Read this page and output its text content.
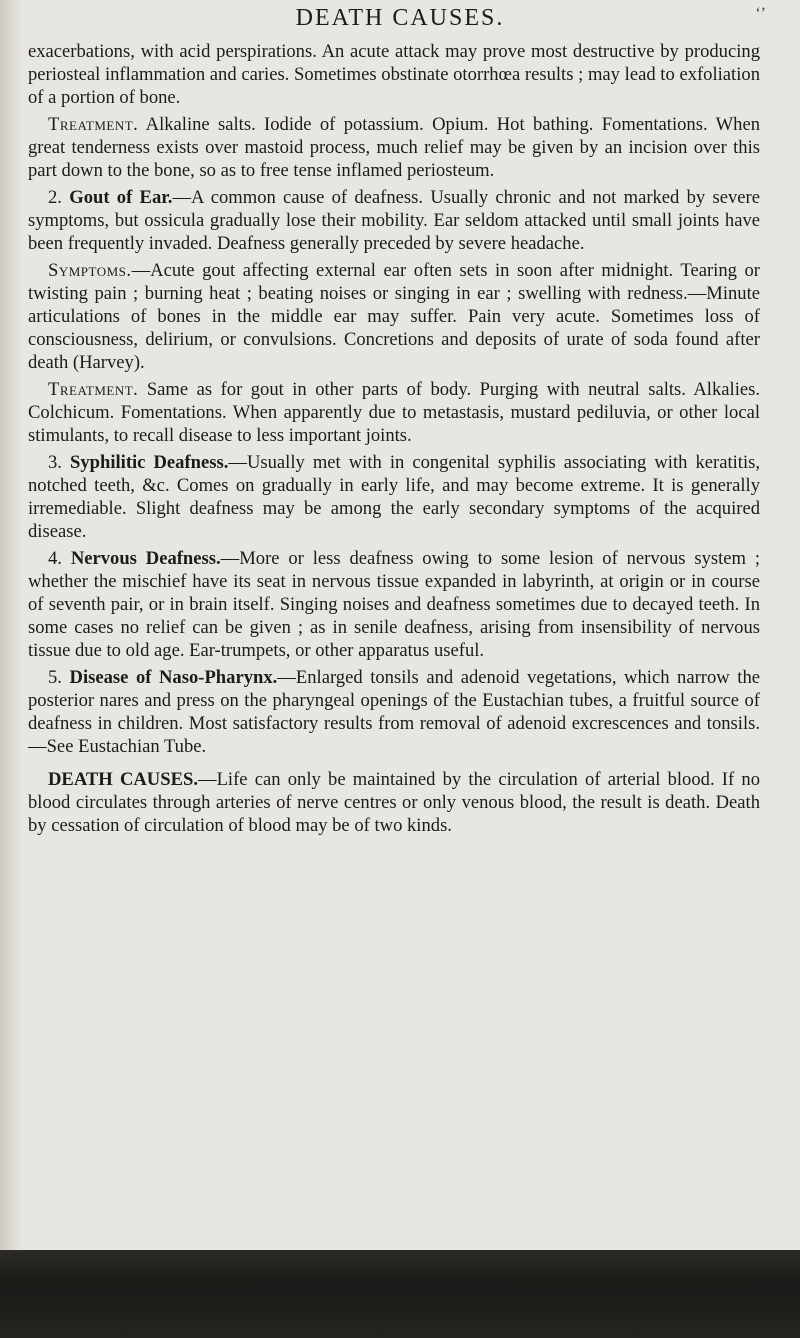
DEATH CAUSES.	‘’

exacerbations, with acid perspirations. An acute attack may prove most destructive by producing periosteal inflammation and caries. Sometimes obstinate otorrhœa results ; may lead to exfoliation of a portion of bone.

Treatment. Alkaline salts. Iodide of potassium. Opium. Hot bathing. Fomentations. When great tenderness exists over mastoid process, much relief may be given by an incision over this part down to the bone, so as to free tense inflamed periosteum.

2. Gout of Ear.—A common cause of deafness. Usually chronic and not marked by severe symptoms, but ossicula gradually lose their mobility. Ear seldom attacked until small joints have been frequently invaded. Deafness generally preceded by severe headache.

Symptoms.—Acute gout affecting external ear often sets in soon after midnight. Tearing or twisting pain ; burning heat ; beating noises or singing in ear ; swelling with redness.—Minute articulations of bones in the middle ear may suffer. Pain very acute. Sometimes loss of consciousness, delirium, or convulsions. Concretions and deposits of urate of soda found after death (Harvey).

Treatment. Same as for gout in other parts of body. Purging with neutral salts. Alkalies. Colchicum. Fomentations. When apparently due to metastasis, mustard pediluvia, or other local stimulants, to recall disease to less important joints.

3. Syphilitic Deafness.—Usually met with in congenital syphilis associating with keratitis, notched teeth, &c. Comes on gradually in early life, and may become extreme. It is generally irremediable. Slight deafness may be among the early secondary symptoms of the acquired disease.

4. Nervous Deafness.—More or less deafness owing to some lesion of nervous system ; whether the mischief have its seat in nervous tissue expanded in labyrinth, at origin or in course of seventh pair, or in brain itself. Singing noises and deafness sometimes due to decayed teeth. In some cases no relief can be given ; as in senile deafness, arising from insensibility of nervous tissue due to old age. Ear-trumpets, or other apparatus useful.

5. Disease of Naso-Pharynx.—Enlarged tonsils and adenoid vegetations, which narrow the posterior nares and press on the pharyngeal openings of the Eustachian tubes, a fruitful source of deafness in children. Most satisfactory results from removal of adenoid excrescences and tonsils.—See Eustachian Tube.

DEATH CAUSES.—Life can only be maintained by the circulation of arterial blood. If no blood circulates through arteries of nerve centres or only venous blood, the result is death. Death by cessation of circulation of blood may be of two kinds.
